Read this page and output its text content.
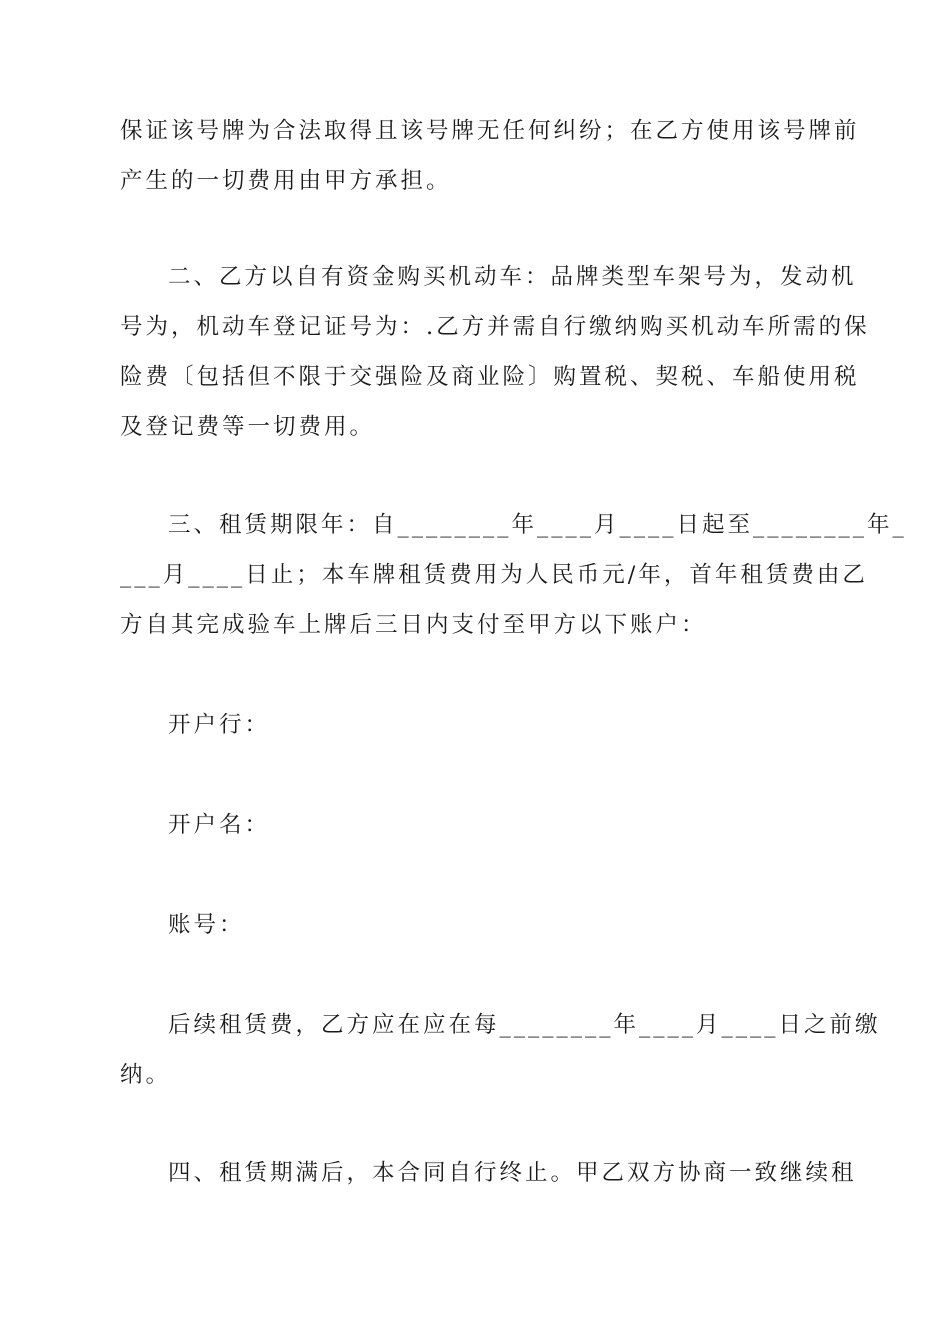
保证该号牌为合法取得且该号牌无任何纠纷；在乙方使用该号牌前
产生的一切费用由甲方承担。
二、乙方以自有资金购买机动车：品牌类型车架号为，发动机
号为，机动车登记证号为：.乙方并需自行缴纳购买机动车所需的保
险费〔包括但不限于交强险及商业险〕购置税、契税、车船使用税
及登记费等一切费用。
三、租赁期限年：自________年____月____日起至________年_
___月____日止；本车牌租赁费用为人民币元/年，首年租赁费由乙
方自其完成验车上牌后三日内支付至甲方以下账户：
开户行：
开户名：
账号：
后续租赁费，乙方应在应在每________年____月____日之前缴
纳。
四、租赁期满后，本合同自行终止。甲乙双方协商一致继续租
